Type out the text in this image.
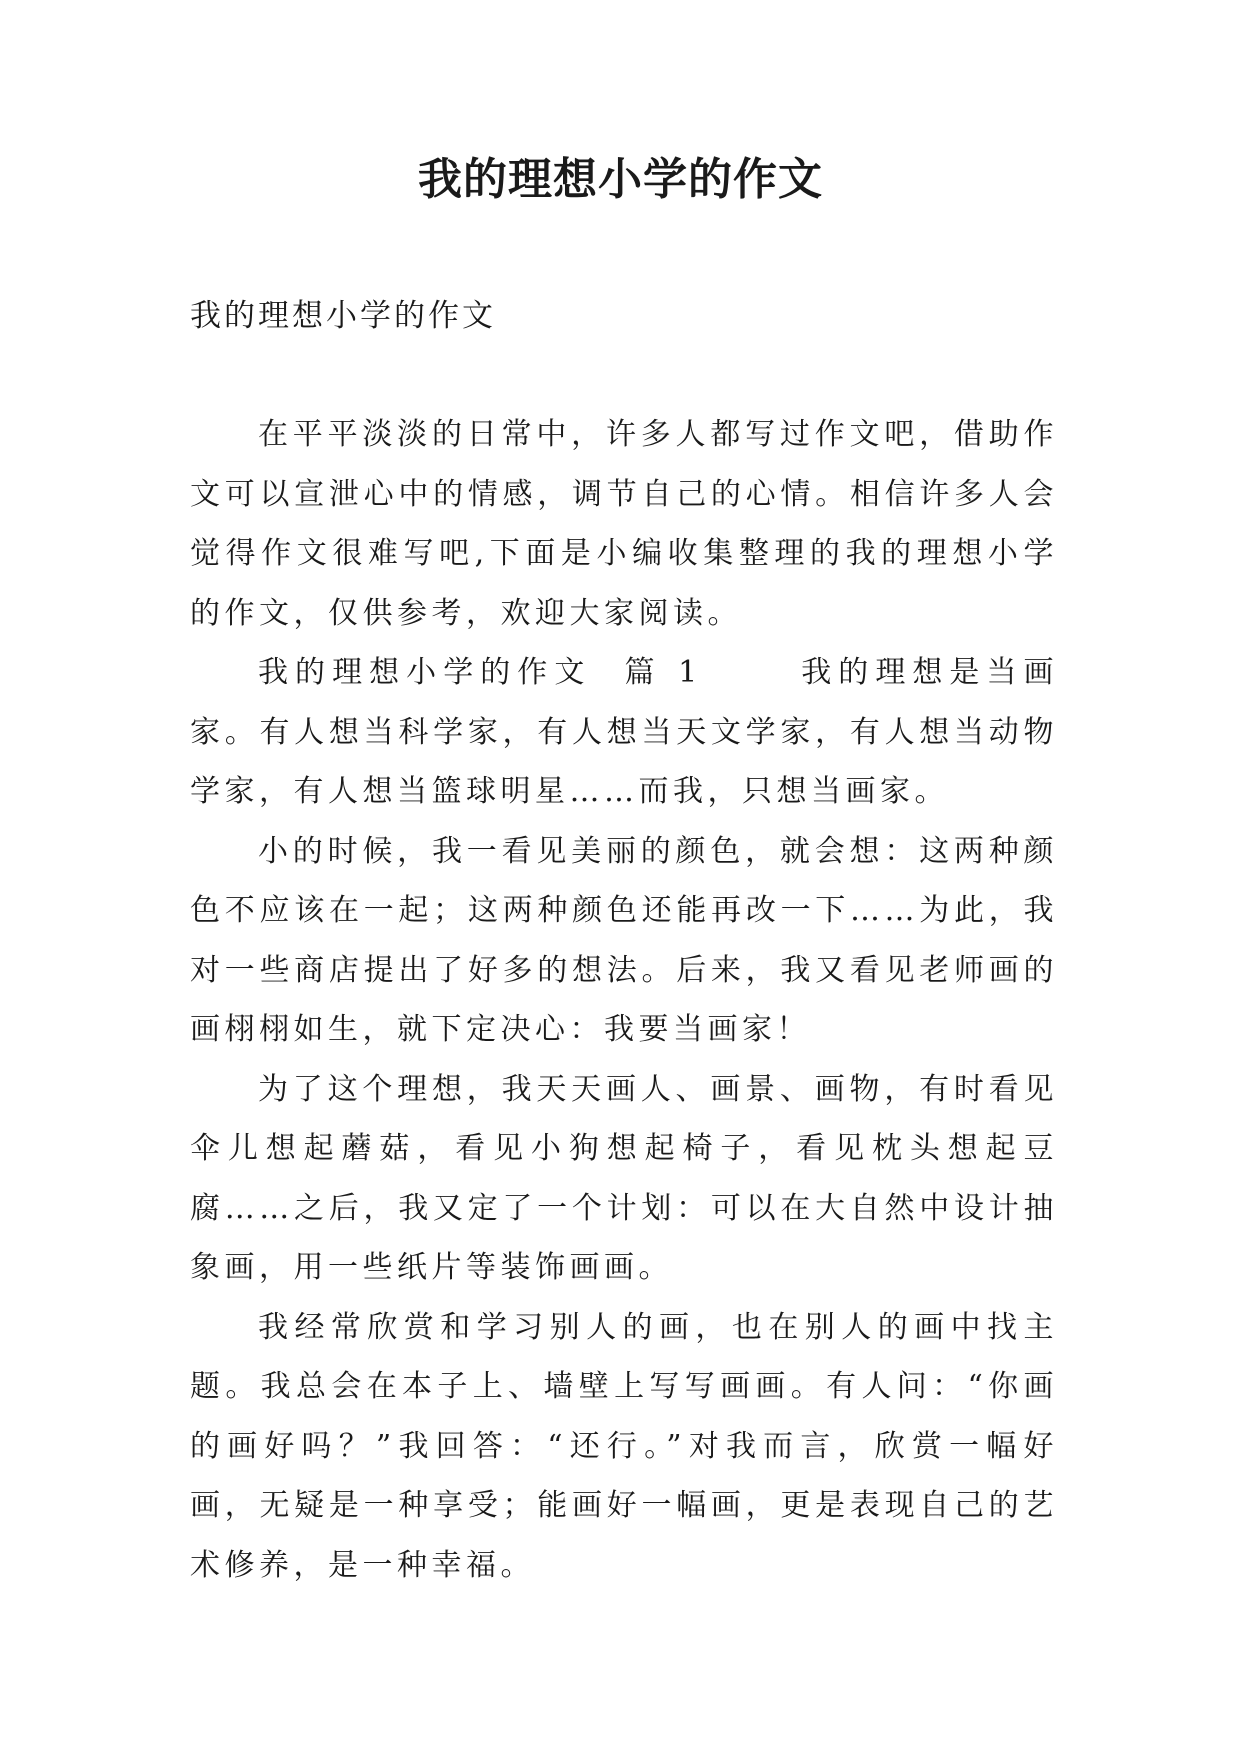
我的理想小学的作文

我的理想小学的作文

在平平淡淡的日常中，许多人都写过作文吧，借助作文可以宣泄心中的情感，调节自己的心情。相信许多人会觉得作文很难写吧,下面是小编收集整理的我的理想小学的作文，仅供参考，欢迎大家阅读。

我的理想小学的作文  篇 1      我的理想是当画家。有人想当科学家，有人想当天文学家，有人想当动物学家，有人想当篮球明星……而我，只想当画家。

小的时候，我一看见美丽的颜色，就会想：这两种颜色不应该在一起；这两种颜色还能再改一下……为此，我对一些商店提出了好多的想法。后来，我又看见老师画的画栩栩如生，就下定决心：我要当画家！

为了这个理想，我天天画人、画景、画物，有时看见伞儿想起蘑菇，看见小狗想起椅子，看见枕头想起豆腐……之后，我又定了一个计划：可以在大自然中设计抽象画，用一些纸片等装饰画画。

我经常欣赏和学习别人的画，也在别人的画中找主题。我总会在本子上、墙壁上写写画画。有人问：“你画的画好吗？”我回答：“还行。”对我而言，欣赏一幅好画，无疑是一种享受；能画好一幅画，更是表现自己的艺术修养，是一种幸福。
